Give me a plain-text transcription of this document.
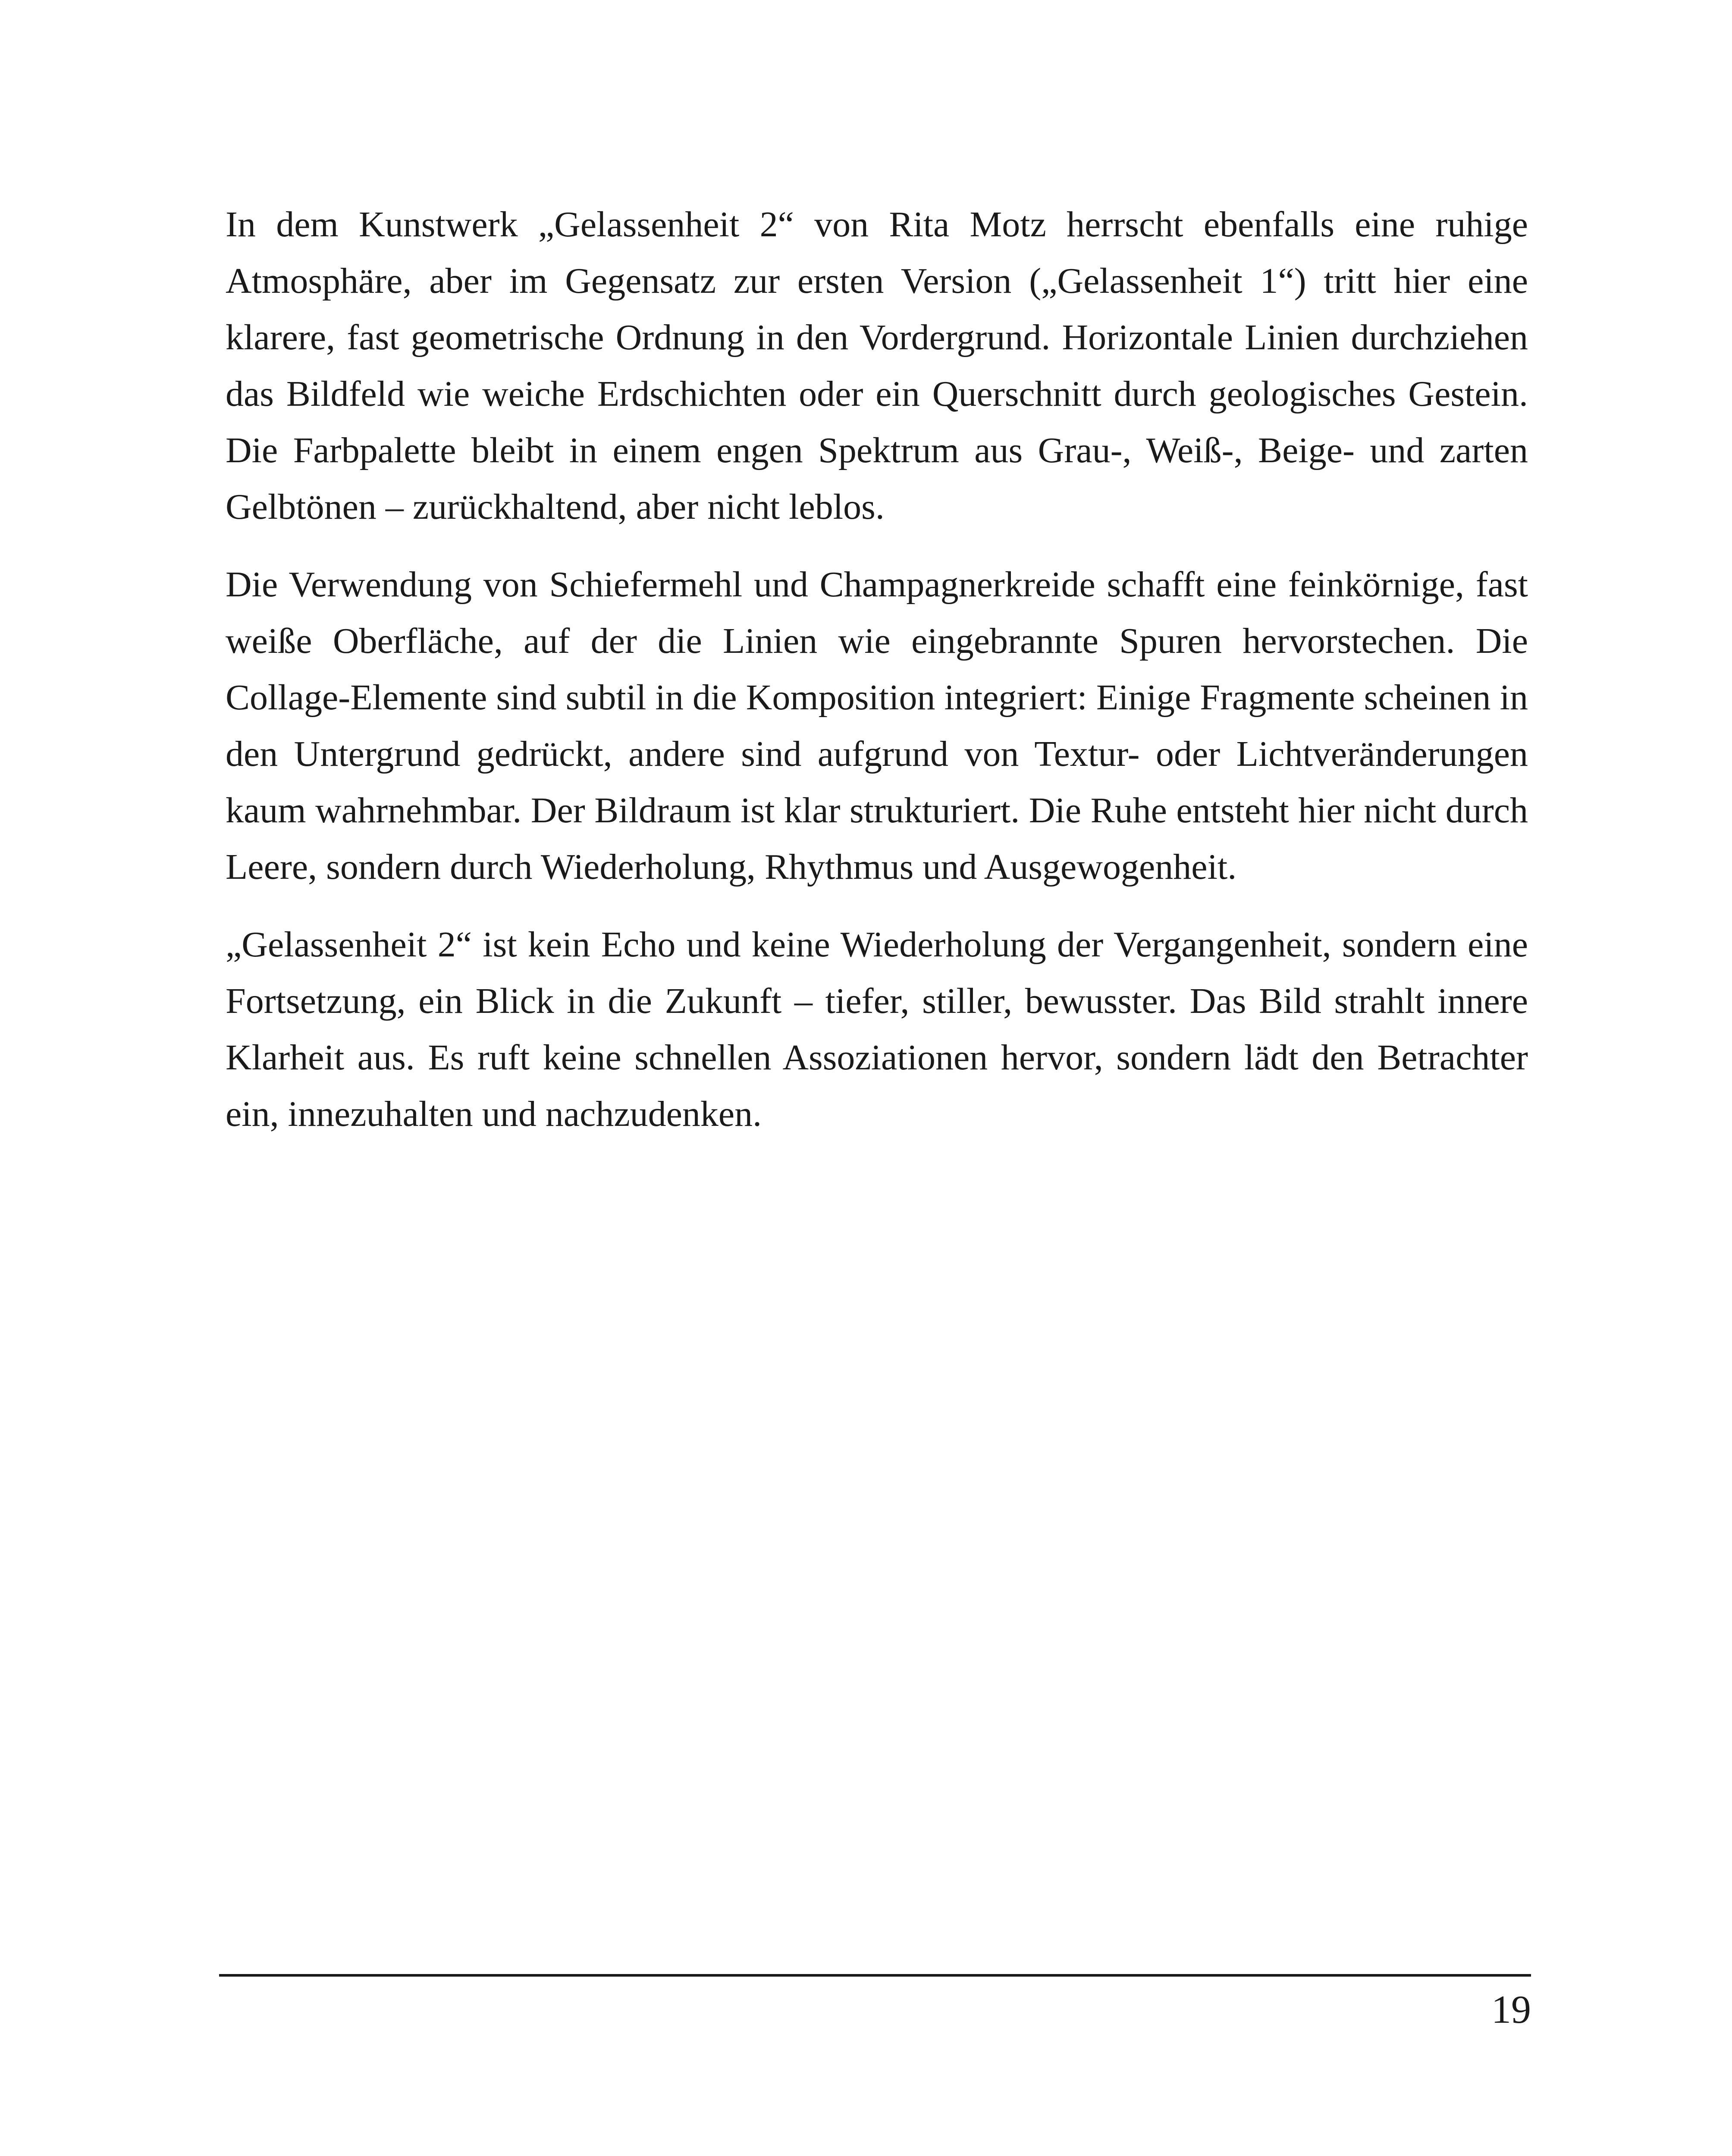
In dem Kunstwerk „Gelassenheit 2“ von Rita Motz herrscht ebenfalls eine ruhige Atmosphäre, aber im Gegensatz zur ersten Version („Gelassenheit 1“) tritt hier eine klarere, fast geometrische Ordnung in den Vordergrund. Horizontale Linien durchziehen das Bildfeld wie weiche Erdschichten oder ein Querschnitt durch geologisches Gestein. Die Farbpalette bleibt in einem engen Spektrum aus Grau-, Weiß-, Beige- und zarten Gelbtönen – zurückhaltend, aber nicht leblos.

Die Verwendung von Schiefermehl und Champagnerkreide schafft eine feinkörnige, fast weiße Oberfläche, auf der die Linien wie eingebrannte Spuren hervorstechen. Die Collage-Elemente sind subtil in die Komposition integriert: Einige Fragmente scheinen in den Untergrund gedrückt, andere sind aufgrund von Textur- oder Lichtveränderungen kaum wahrnehmbar. Der Bildraum ist klar strukturiert. Die Ruhe entsteht hier nicht durch Leere, sondern durch Wiederholung, Rhythmus und Ausgewogenheit.

„Gelassenheit 2“ ist kein Echo und keine Wiederholung der Vergangenheit, sondern eine Fortsetzung, ein Blick in die Zukunft – tiefer, stiller, bewusster. Das Bild strahlt innere Klarheit aus. Es ruft keine schnellen Assoziationen hervor, sondern lädt den Betrachter ein, innezuhalten und nachzudenken.

19
